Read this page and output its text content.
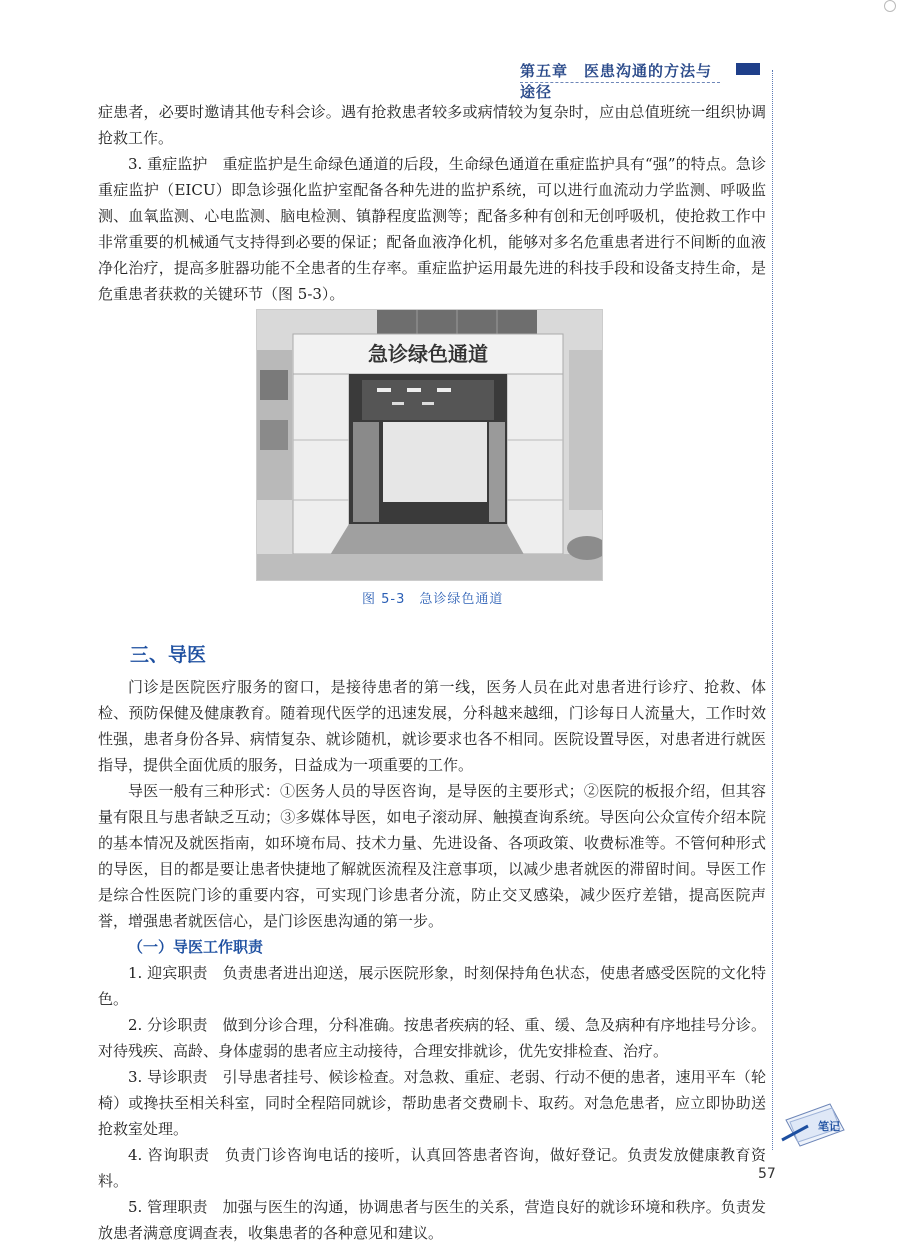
第五章　医患沟通的方法与途径

症患者，必要时邀请其他专科会诊。遇有抢救患者较多或病情较为复杂时，应由总值班统一组织协调抢救工作。

3. 重症监护　重症监护是生命绿色通道的后段，生命绿色通道在重症监护具有“强”的特点。急诊重症监护（EICU）即急诊强化监护室配备各种先进的监护系统，可以进行血流动力学监测、呼吸监测、血氧监测、心电监测、脑电检测、镇静程度监测等；配备多种有创和无创呼吸机，使抢救工作中非常重要的机械通气支持得到必要的保证；配备血液净化机，能够对多名危重患者进行不间断的血液净化治疗，提高多脏器功能不全患者的生存率。重症监护运用最先进的科技手段和设备支持生命，是危重患者获救的关键环节（图 5-3）。

急诊绿色通道
图 5-3　急诊绿色通道
三、导医

门诊是医院医疗服务的窗口，是接待患者的第一线，医务人员在此对患者进行诊疗、抢救、体检、预防保健及健康教育。随着现代医学的迅速发展，分科越来越细，门诊每日人流量大，工作时效性强，患者身份各异、病情复杂、就诊随机，就诊要求也各不相同。医院设置导医，对患者进行就医指导，提供全面优质的服务，日益成为一项重要的工作。

导医一般有三种形式：①医务人员的导医咨询，是导医的主要形式；②医院的板报介绍，但其容量有限且与患者缺乏互动；③多媒体导医，如电子滚动屏、触摸查询系统。导医向公众宣传介绍本院的基本情况及就医指南，如环境布局、技术力量、先进设备、各项政策、收费标准等。不管何种形式的导医，目的都是要让患者快捷地了解就医流程及注意事项，以减少患者就医的滞留时间。导医工作是综合性医院门诊的重要内容，可实现门诊患者分流，防止交叉感染，减少医疗差错，提高医院声誉，增强患者就医信心，是门诊医患沟通的第一步。

（一）导医工作职责

1. 迎宾职责　负责患者进出迎送，展示医院形象，时刻保持角色状态，使患者感受医院的文化特色。

2. 分诊职责　做到分诊合理，分科准确。按患者疾病的轻、重、缓、急及病种有序地挂号分诊。对待残疾、高龄、身体虚弱的患者应主动接待，合理安排就诊，优先安排检查、治疗。

3. 导诊职责　引导患者挂号、候诊检查。对急救、重症、老弱、行动不便的患者，速用平车（轮椅）或搀扶至相关科室，同时全程陪同就诊，帮助患者交费刷卡、取药。对急危患者，应立即协助送抢救室处理。

4. 咨询职责　负责门诊咨询电话的接听，认真回答患者咨询，做好登记。负责发放健康教育资料。

5. 管理职责　加强与医生的沟通，协调患者与医生的关系，营造良好的就诊环境和秩序。负责发放患者满意度调查表，收集患者的各种意见和建议。

笔记
57
